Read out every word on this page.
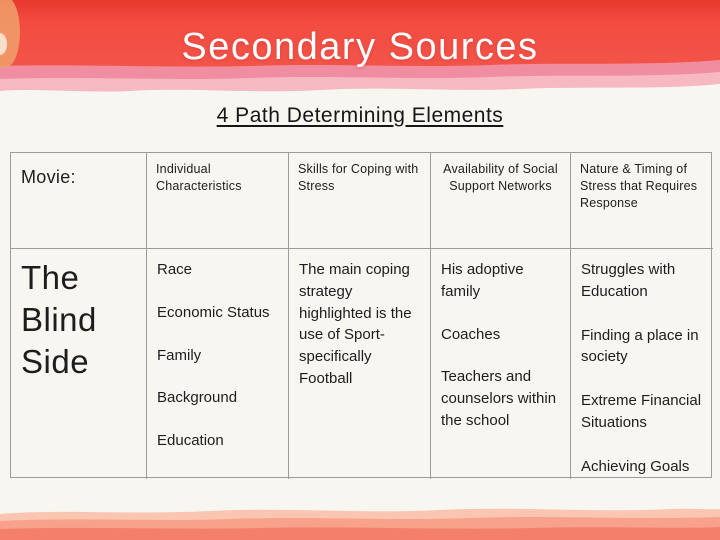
Secondary Sources
4 Path Determining Elements
Movie:	Individual Characteristics
Skills for Coping with Stress
Availability of Social Support Networks
Nature & Timing of Stress that Requires Response
The Blind Side
Race
Economic Status
Family
Background
Education

The main coping strategy highlighted is the use of Sport- specifically Football

His adoptive family
Coaches
Teachers and counselors within the school
Struggles with Education
Finding a place in society
Extreme Financial Situations
Achieving Goals
